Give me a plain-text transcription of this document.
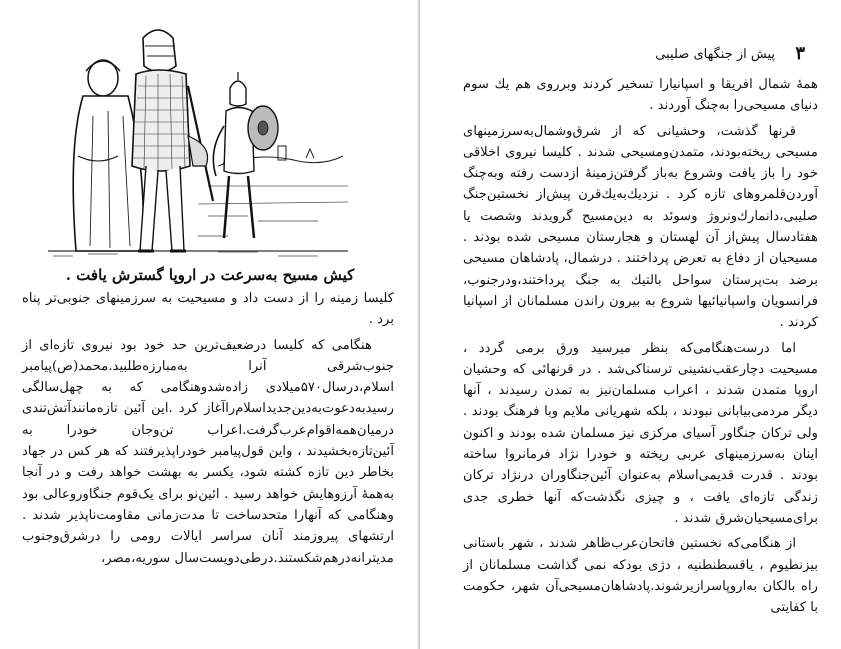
کیش مسیح به‌سرعت در اروپا گسترش یافت .

کلیسا زمینه را از دست داد و مسیحیت به سرزمینهای جنوبی‌تر پناه برد .

هنگامی که کلیسا درضعیف‌ترین حد خود بود نیروی تازه‌ای از جنوب‌شرقی آنرا به‌مبارزه‌طلبید.محمد(ص)پیامبر اسلام،درسال۵۷۰میلادی زاده‌شدوهنگامی که به چهل‌سالگی رسیدبه‌دعوت‌به‌دین‌جدیداسلام‌راآغاز کرد .این آئین تازه‌مانندآتش‌تندی درمیان‌همه‌اقوام‌عرب‌گرفت.اعراب تن‌وجان خودرا به آئین‌تازه‌بخشیدند ، واین قول‌پیامبر خودراپذیرفتند که هر کس در جهاد بخاطر دین تازه کشته شود، یکسر به بهشت خواهد رفت و در آنجا به‌همهٔ آرزوهایش خواهد رسید . ائین‌نو برای یک‌قوم جنگاور‌وعالی بود وهنگامی که آنهارا متحدساخت تا مدت‌زمانی مقاومت‌ناپذیر شدند . ارتشهای پیروزمند آنان سراسر ایالات رومی را درشرق‌وجنوب مدیترانه‌درهم‌شکستند.درطی‌دویست‌سال سوریه،مصر،

۳
پیش از جنگهای صلیبی

همهٔ شمال افریقا و اسپانیارا تسخیر کردند وبرروی هم یك سوم دنیای مسیحی‌را به‌چنگ آوردند .

قرنها گذشت، وحشیانی که از شرق‌وشمال‌به‌سرزمینهای مسیحی ریخته‌بودند، متمدن‌ومسیحی شدند . کلیسا نیروی اخلاقی خود را باز یافت وشروع به‌باز گرفتن‌زمینهٔ ازدست رفته وبه‌چنگ آوردن‌قلمروهای تازه کرد . نزدیك‌به‌یك‌قرن پیش‌از نخستین‌جنگ صلیبی،دانمارك‌ونروژ وسوئد به دین‌مسیح گرویدند وشصت یا هفتادسال پیش‌از آن لهستان و هجارستان مسیحی شده بودند . مسیحیان از دفاع به تعرض پرداختند . درشمال، پادشاهان مسیحی برضد بت‌پرستان سواحل بالتیك به جنگ پرداختند،ودرجنوب، فرانسویان واسپانیائیها شروع به بیرون راندن مسلمانان از اسپانیا کردند .

اما درست‌هنگامی‌که بنظر میرسید ورق برمی گردد ، مسیحیت دچارعقب‌نشینی ترسناکی‌شد . در قرنهائی که وحشیان اروپا متمدن شدند ، اعراب مسلمان‌نیز به تمدن رسیدند ، آنها دیگر مردمی‌بیابانی نبودند ، بلکه شهریانی ملایم وبا فرهنگ بودند . ولی ترکان جنگاور آسیای مرکزی نیز مسلمان شده بودند و اکنون اینان به‌سرزمینهای عربی ریخته و خودرا نژاد فرمانروا ساخته بودند . قدرت قدیمی‌اسلام به‌عنوان آئین‌جنگاوران درنژاد ترکان زندگی تازه‌ای یافت ، و چیزی نگذشت‌که آنها خطری جدی برای‌مسیحیان‌شرق شدند .

از هنگامی‌که نخستین فاتحان‌عرب‌ظاهر شدند ، شهر باستانی بیزنطیوم ، یاقسطنطنیه ، دژی بود‌که نمی گذاشت مسلمانان از راه بالکان به‌اروپاسرازیرشوند.پادشاهان‌مسیحی‌آن شهر، حکومت با کفایتی
